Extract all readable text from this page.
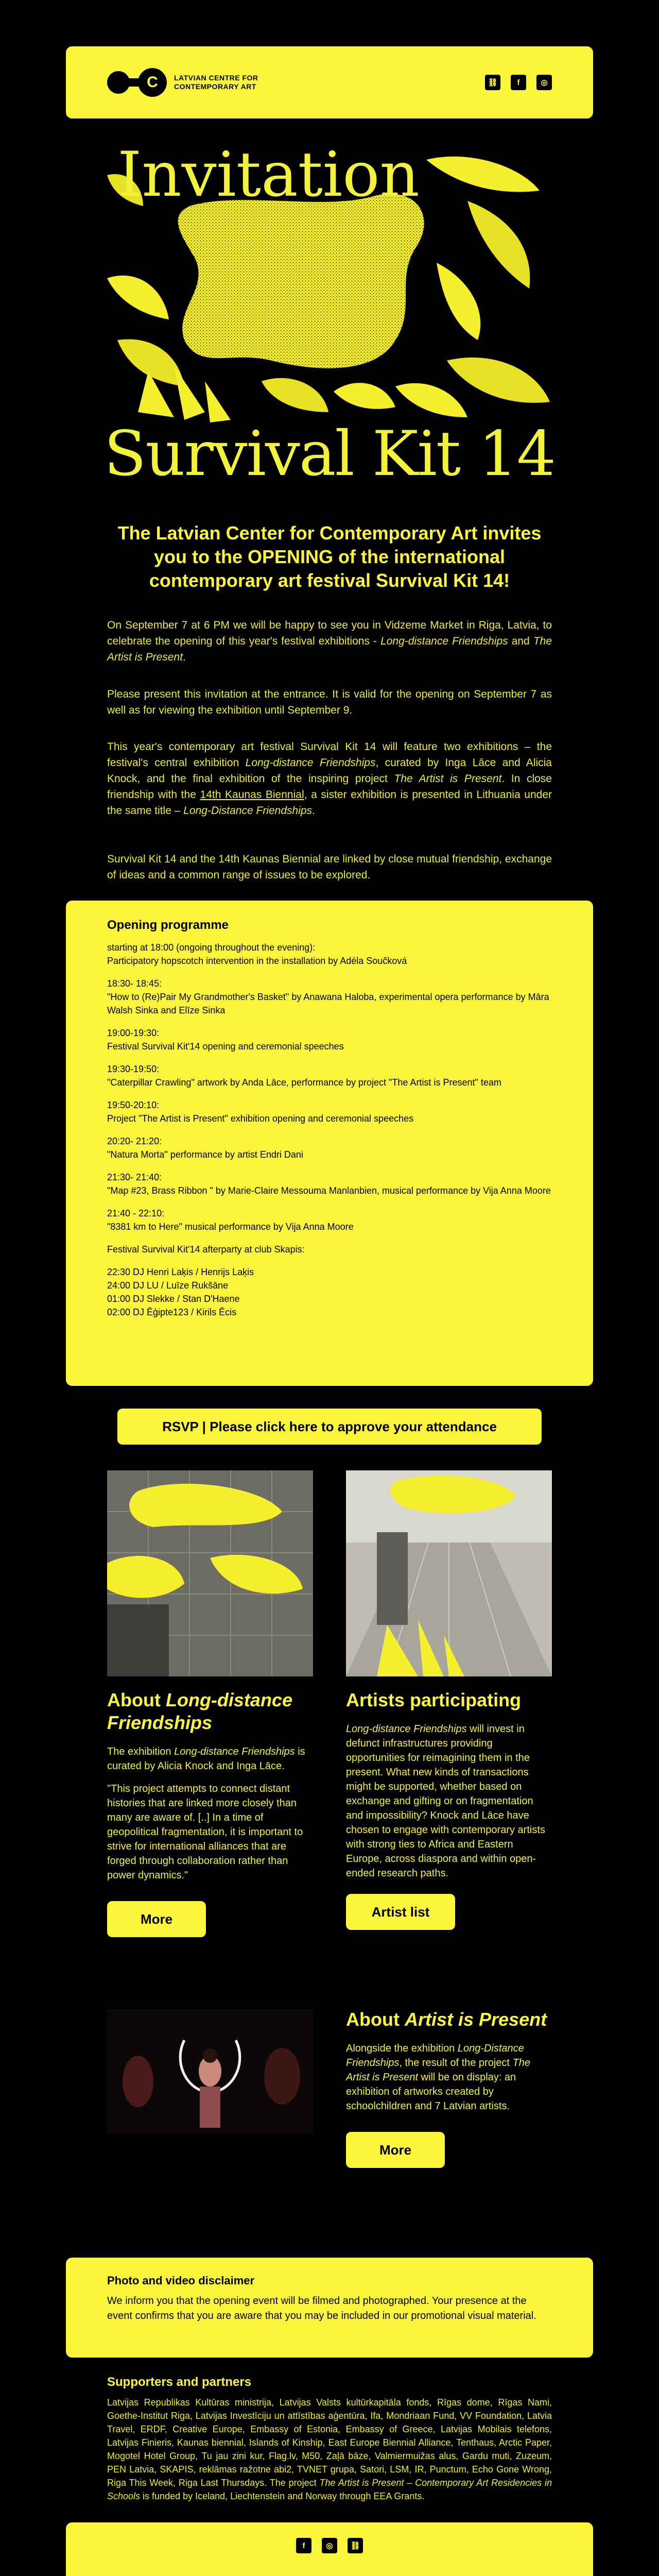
C	LATVIAN CENTRE FOR CONTEMPORARY ART	⛓	f	◎
Invitation
Survival Kit 14
The Latvian Center for Contemporary Art invites you to the OPENING of the international contemporary art festival Survival Kit 14!
On September 7 at 6 PM we will be happy to see you in Vidzeme Market in Riga, Latvia, to celebrate the opening of this year's festival exhibitions - Long-distance Friendships and The Artist is Present.
Please present this invitation at the entrance. It is valid for the opening on September 7 as well as for viewing the exhibition until September 9.
This year's contemporary art festival Survival Kit 14 will feature two exhibitions – the festival's central exhibition Long-distance Friendships, curated by Inga Lāce and Alicia Knock, and the final exhibition of the inspiring project The Artist is Present. In close friendship with the 14th Kaunas Biennial, a sister exhibition is presented in Lithuania under the same title – Long-Distance Friendships.
Survival Kit 14 and the 14th Kaunas Biennial are linked by close mutual friendship, exchange of ideas and a common range of issues to be explored.
Opening programme
starting at 18:00 (ongoing throughout the evening):
Participatory hopscotch intervention in the installation by Adéla Součková
18:30- 18:45:
"How to (Re)Pair My Grandmother's Basket" by Anawana Haloba, experimental opera performance by Māra Walsh Sinka and Elīze Sinka
19:00-19:30:
Festival Survival Kit'14 opening and ceremonial speeches
19:30-19:50:
"Caterpillar Crawling" artwork by Anda Lāce, performance by project "The Artist is Present" team
19:50-20:10:
Project "The Artist is Present" exhibition opening and ceremonial speeches
20:20- 21:20:
"Natura Morta" performance by artist Endri Dani
21:30- 21:40:
"Map #23, Brass Ribbon " by Marie-Claire Messouma Manlanbien, musical performance by Vija Anna Moore
21:40 - 22:10:
"8381 km to Here" musical performance by Vija Anna Moore
Festival Survival Kit'14 afterparty at club Skapis:
22:30 DJ Henri Laķis / Henrijs Laķis
24:00 DJ LU / Luīze Rukšāne
01:00 DJ Slekke / Stan D'Haene
02:00 DJ Ēģipte123 / Kirils Ēcis
RSVP | Please click here to approve your attendance
About Long-distance Friendships

The exhibition Long-distance Friendships is curated by Alicia Knock and Inga Lāce.

"This project attempts to connect distant histories that are linked more closely than many are aware of. [..] In a time of geopolitical fragmentation, it is important to strive for international alliances that are forged through collaboration rather than power dynamics."

More
Artists participating

Long-distance Friendships will invest in defunct infrastructures providing opportunities for reimagining them in the present. What new kinds of transactions might be supported, whether based on exchange and gifting or on fragmentation and impossibility? Knock and Lāce have chosen to engage with contemporary artists with strong ties to Africa and Eastern Europe, across diaspora and within open-ended research paths.

Artist list
About Artist is Present

Alongside the exhibition Long-Distance Friendships, the result of the project The Artist is Present will be on display: an exhibition of artworks created by schoolchildren and 7 Latvian artists.

More
Photo and video disclaimer
We inform you that the opening event will be filmed and photographed. Your presence at the event confirms that you are aware that you may be included in our promotional visual material.
Supporters and partners
Latvijas Republikas Kultūras ministrija, Latvijas Valsts kultūrkapitāla fonds, Rīgas dome, Rīgas Nami, Goethe-Institut Riga, Latvijas Investīciju un attīstības aģentūra, Ifa, Mondriaan Fund, VV Foundation, Latvia Travel, ERDF, Creative Europe, Embassy of Estonia, Embassy of Greece, Latvijas Mobilais telefons, Latvijas Finieris, Kaunas biennial, Islands of Kinship, East Europe Biennial Alliance, Tenthaus, Arctic Paper, Mogotel Hotel Group, Tu jau zini kur, Flag.lv, M50, Zaļā bāze, Valmiermuižas alus, Gardu muti, Zuzeum, PEN Latvia, SKAPIS, reklāmas ražotne abi2, TVNET grupa, Satori, LSM, IR, Punctum, Echo Gone Wrong, Riga This Week, Riga Last Thursdays. The project The Artist is Present – Contemporary Art Residencies in Schools is funded by Iceland, Liechtenstein and Norway through EEA Grants.
f	◎	⛓
